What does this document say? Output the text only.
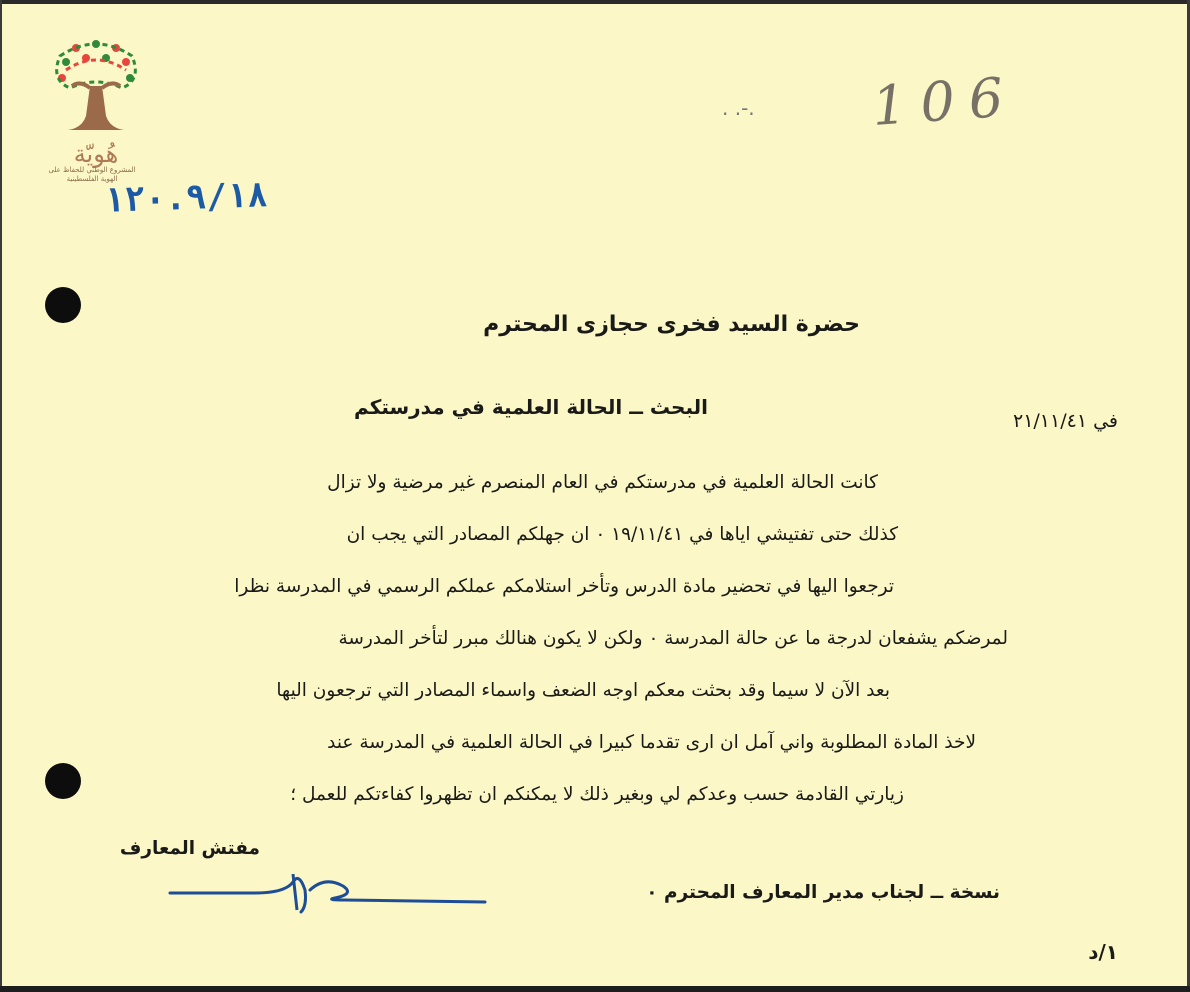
هُويّة
المشروع الوطني للحفاظ على الهوية الفلسطينية
١٢٠.٩/١٨
. .-. 106
حضرة السيد فخرى حجازى المحترم
في ٢١/١١/٤١
البحث ــ الحالة العلمية في مدرستكم
كانت الحالة العلمية في مدرستكم في العام المنصرم غير مرضية ولا تزال
كذلك حتى تفتيشي اياها في ١٩/١١/٤١ ٠ ان جهلكم المصادر التي يجب ان
ترجعوا اليها في تحضير مادة الدرس وتأخر استلامكم عملكم الرسمي في المدرسة نظرا
لمرضكم يشفعان لدرجة ما عن حالة المدرسة ٠ ولكن لا يكون هنالك مبرر لتأخر المدرسة
بعد الآن لا سيما وقد بحثت معكم اوجه الضعف واسماء المصادر التي ترجعون اليها
لاخذ المادة المطلوبة واني آمل ان ارى تقدما كبيرا في الحالة العلمية في المدرسة عند
زيارتي القادمة حسب وعدكم لي وبغير ذلك لا يمكنكم ان تظهروا كفاءتكم للعمل ؛
مفتش المعارف
نسخة ــ لجناب مدير المعارف المحترم ٠
١/د
